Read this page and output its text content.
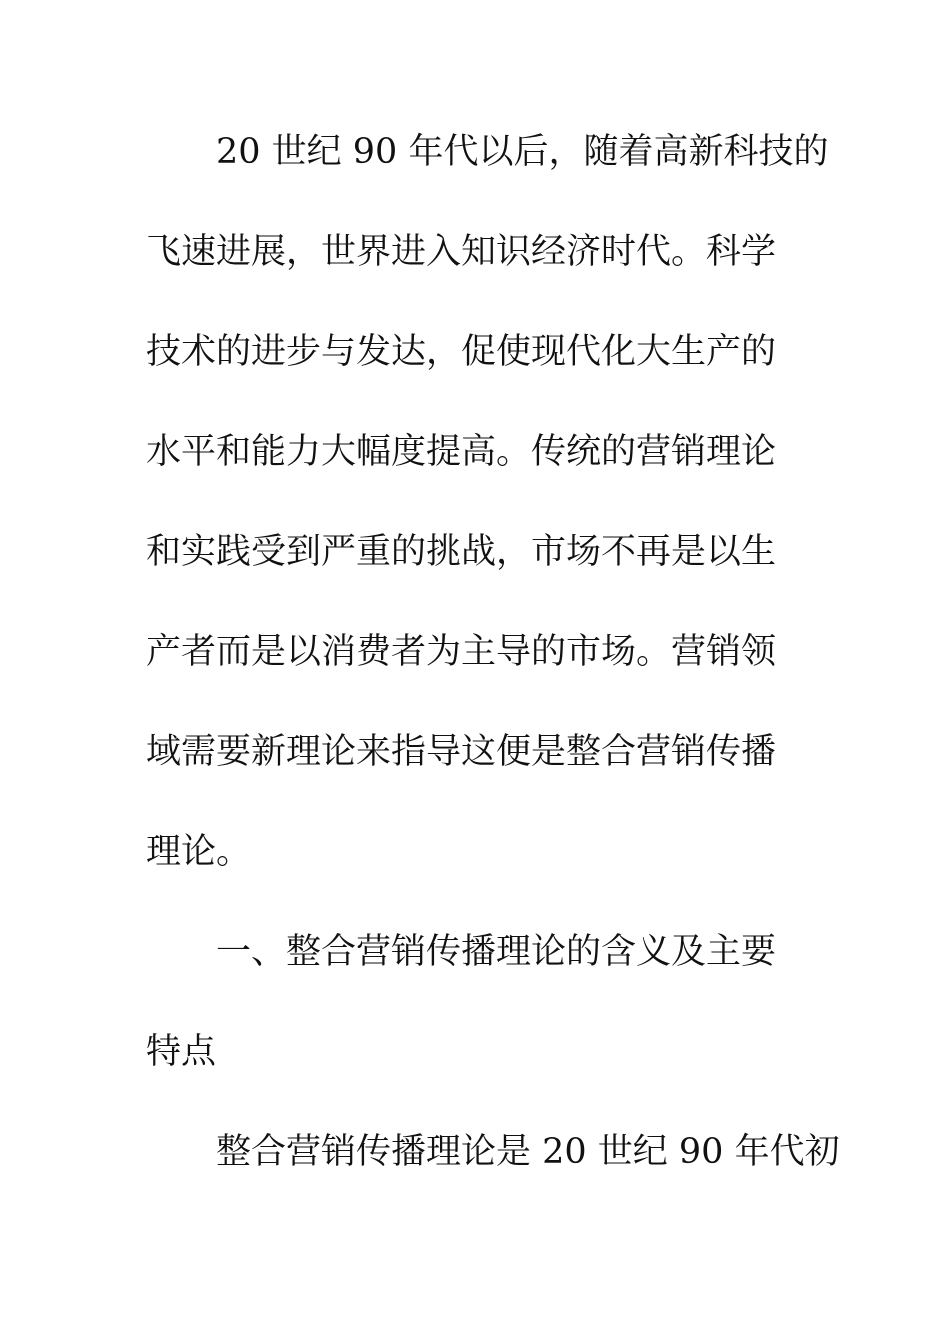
20 世纪 90 年代以后，随着高新科技的
飞速进展，世界进入知识经济时代。科学
技术的进步与发达，促使现代化大生产的
水平和能力大幅度提高。传统的营销理论
和实践受到严重的挑战，市场不再是以生
产者而是以消费者为主导的市场。营销领
域需要新理论来指导这便是整合营销传播
理论。
一、整合营销传播理论的含义及主要
特点
整合营销传播理论是 20 世纪 90 年代初
